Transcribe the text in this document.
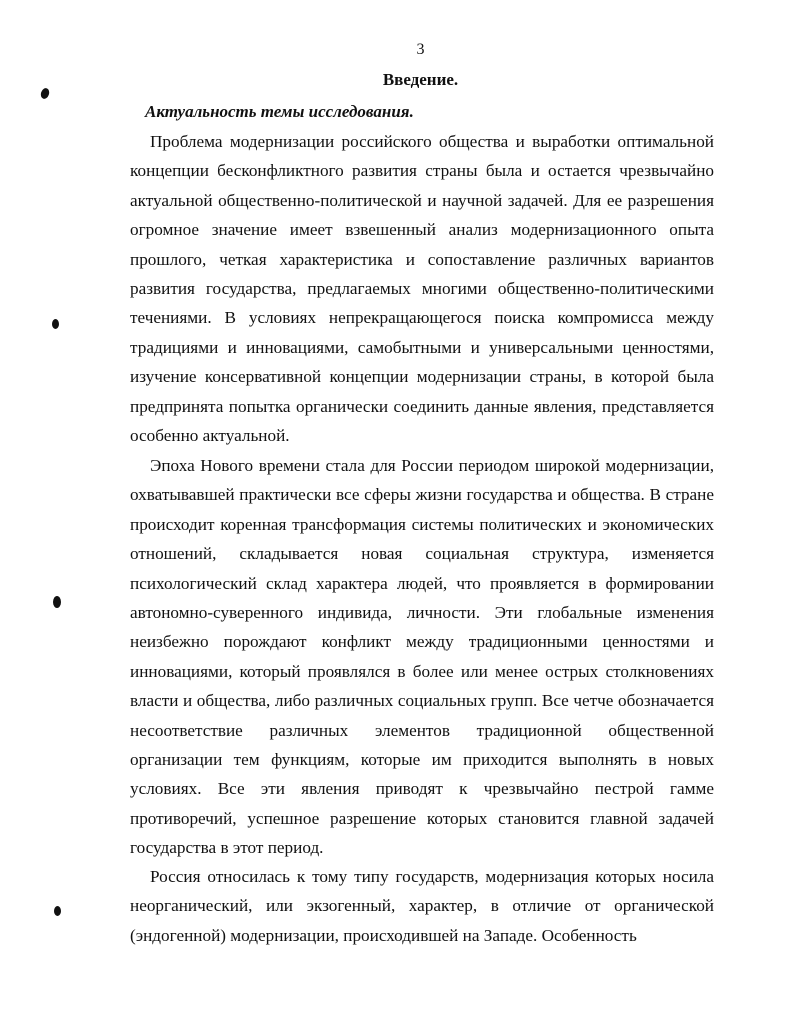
3
Введение.
Актуальность темы исследования.

Проблема модернизации российского общества и выработки оптимальной концепции бесконфликтного развития страны была и остается чрезвычайно актуальной общественно-политической и научной задачей. Для ее разрешения огромное значение имеет взвешенный анализ модернизационного опыта прошлого, четкая характеристика и сопоставление различных вариантов развития государства, предлагаемых многими общественно-политическими течениями. В условиях непрекращающегося поиска компромисса между традициями и инновациями, самобытными и универсальными ценностями, изучение консервативной концепции модернизации страны, в которой была предпринята попытка органически соединить данные явления, представляется особенно актуальной.

Эпоха Нового времени стала для России периодом широкой модернизации, охватывавшей практически все сферы жизни государства и общества. В стране происходит коренная трансформация системы политических и экономических отношений, складывается новая социальная структура, изменяется психологический склад характера людей, что проявляется в формировании автономно-суверенного индивида, личности. Эти глобальные изменения неизбежно порождают конфликт между традиционными ценностями и инновациями, который проявлялся в более или менее острых столкновениях власти и общества, либо различных социальных групп. Все четче обозначается несоответствие различных элементов традиционной общественной организации тем функциям, которые им приходится выполнять в новых условиях. Все эти явления приводят к чрезвычайно пестрой гамме противоречий, успешное разрешение которых становится главной задачей государства в этот период.

Россия относилась к тому типу государств, модернизация которых носила неорганический, или экзогенный, характер, в отличие от органической (эндогенной) модернизации, происходившей на Западе. Особенность
